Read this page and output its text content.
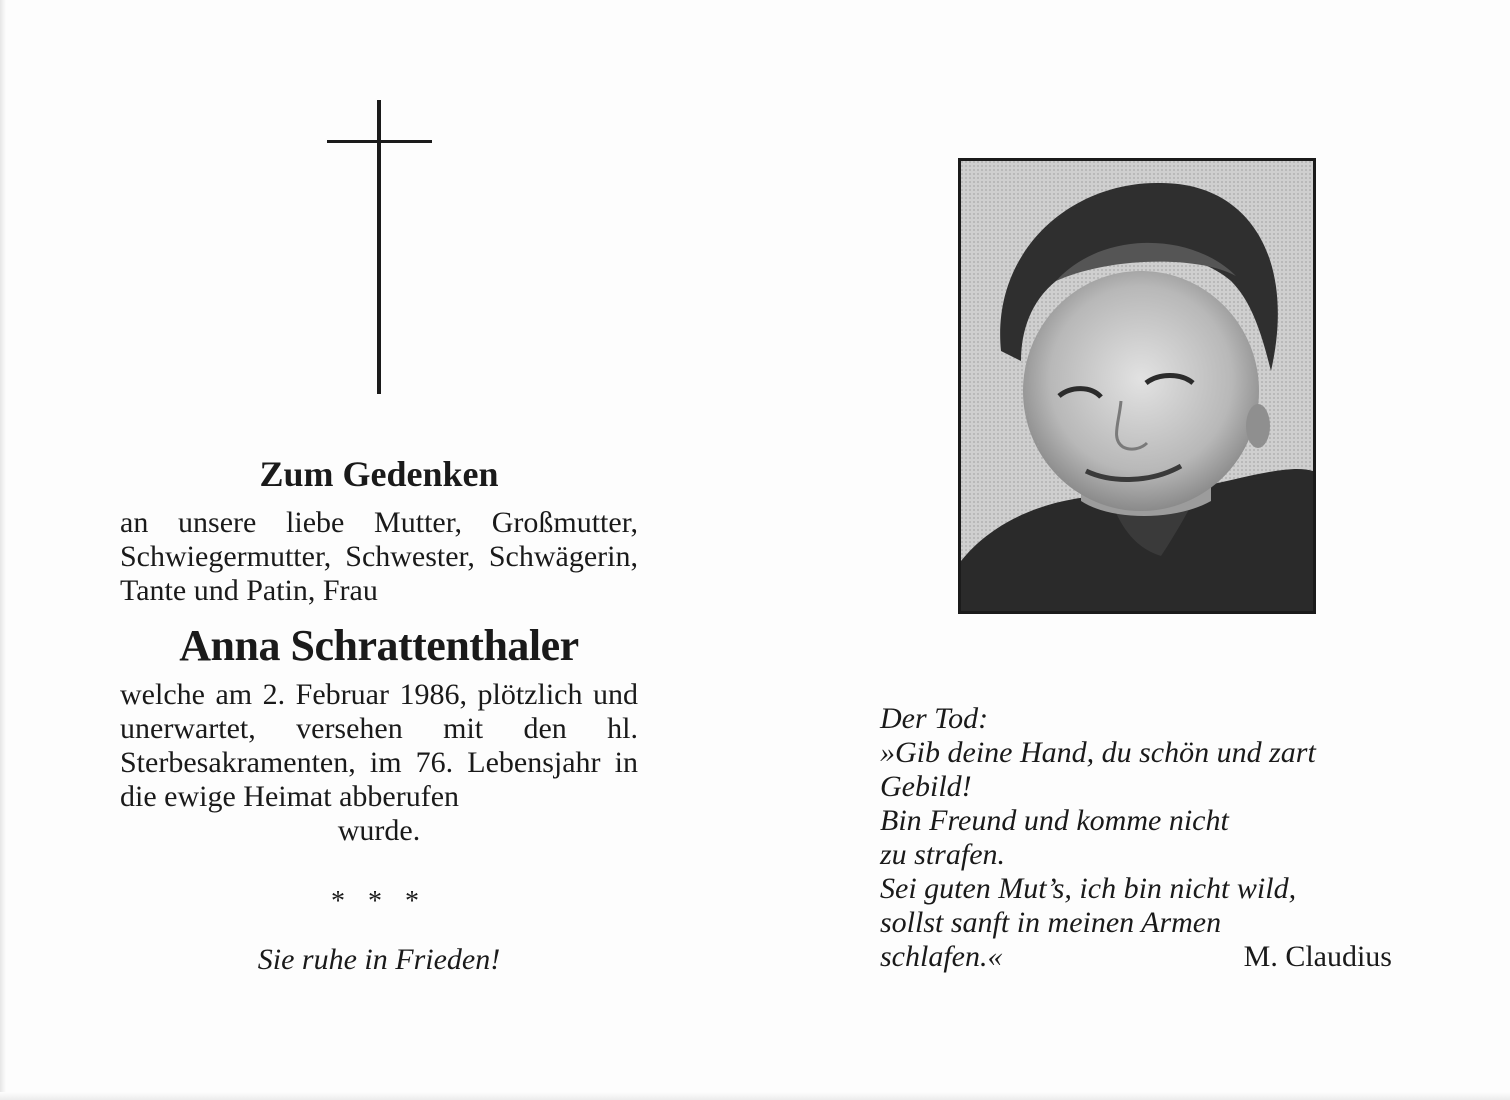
Zum Gedenken

an unsere liebe Mutter, Großmutter, Schwiegermutter, Schwester, Schwägerin, Tante und Patin, Frau

Anna Schrattenthaler

welche am 2. Februar 1986, plötzlich und unerwartet, versehen mit den hl. Sterbesakramenten, im 76. Lebensjahr in die ewige Heimat abberufen

wurde.

* * *

Sie ruhe in Frieden!

Der Tod:
»Gib deine Hand, du schön und zart
Gebild!
Bin Freund und komme nicht
zu strafen.
Sei guten Mut’s, ich bin nicht wild,
sollst sanft in meinen Armen
schlafen.«	M. Claudius
